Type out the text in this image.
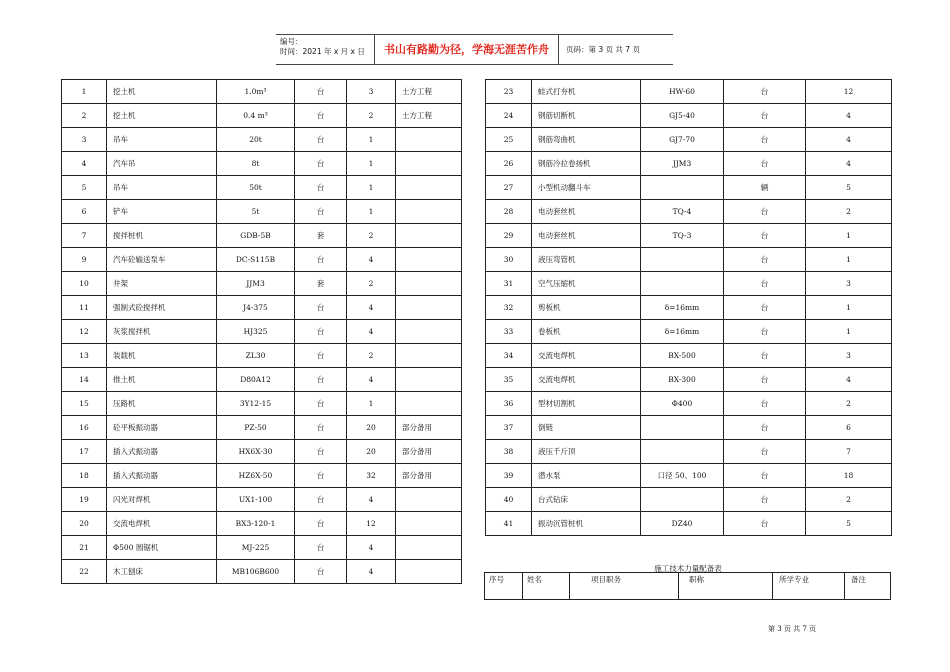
编号：
时间：2021 年 x 月 x 日	书山有路勤为径，学海无涯苦作舟	页码：第 3 页 共 7 页
1	挖土机	1.0m³	台	3	土方工程
2	挖土机	0.4 m³	台	2	土方工程
3	吊车	20t	台	1	
4	汽车吊	8t	台	1	
5	吊车	50t	台	1	
6	铲车	5t	台	1	
7	搅拌桩机	GDB-5B	套	2	
9	汽车砼输送泵车	DC-S115B	台	4	
10	井架	JJM3	套	2	
11	强制式砼搅拌机	J4-375	台	4	
12	灰浆搅拌机	HJ325	台	4	
13	装载机	ZL30	台	2	
14	推土机	D80A12	台	4	
15	压路机	3Y12-15	台	1	
16	砼平板振动器	PZ-50	台	20	部分备用
17	插入式振动器	HX6X-30	台	20	部分备用
18	插入式振动器	HZ6X-50	台	32	部分备用
19	闪光对焊机	UX1-100	台	4	
20	交流电焊机	BX3-120-1	台	12	
21	Φ500 圆锯机	MJ-225	台	4	
22	木工刨床	MB106B600	台	4	
23	蛙式打夯机	HW-60	台	12
24	钢筋切断机	GJ5-40	台	4
25	钢筋弯曲机	GJ7-70	台	4
26	钢筋冷拉卷扬机	JJM3	台	4
27	小型机动翻斗车		辆	5
28	电动套丝机	TQ-4	台	2
29	电动套丝机	TQ-3	台	1
30	液压弯管机		台	1
31	空气压缩机		台	3
32	剪板机	δ=16mm	台	1
33	卷板机	δ=16mm	台	1
34	交流电焊机	BX-500	台	3
35	交流电焊机	BX-300	台	4
36	型材切割机	Φ400	台	2
37	倒链		台	6
38	液压千斤顶		台	7
39	潜水泵	口径 50、100	台	18
40	台式钻床		台	2
41	振动沉管桩机	DZ40	台	5
施工技术力量配备表
序号	姓名	项目职务	职称	所学专业	备注
第 3 页 共 7 页
